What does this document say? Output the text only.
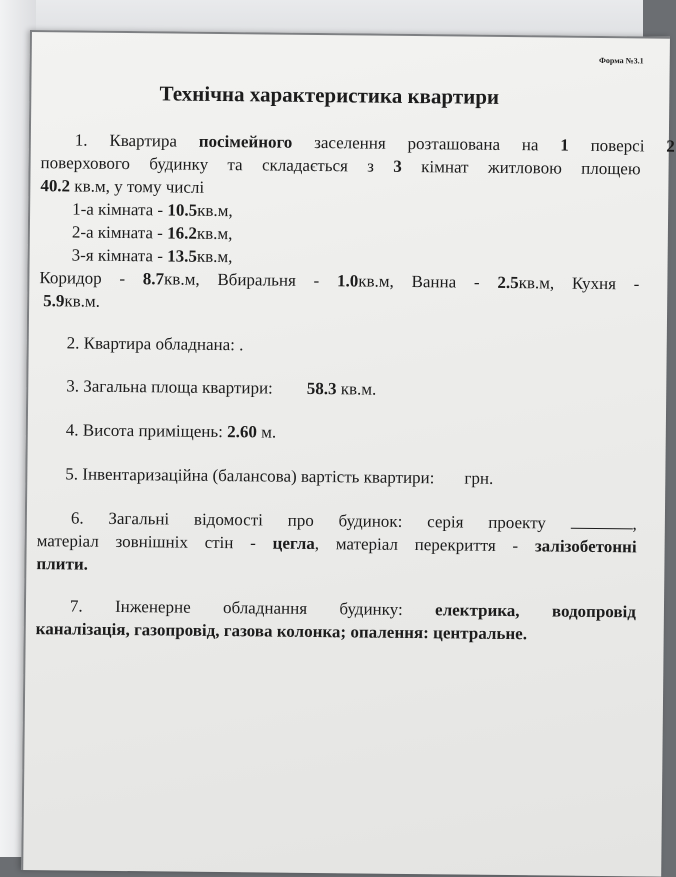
Форма №3.1
Технічна характеристика квартири

1. Квартира посімейного заселення розташована на 1 поверсі 2

поверхового будинку та складається з 3 кімнат житловою площею

40.2 кв.м, у тому числі

1-а кімната - 10.5кв.м,

2-а кімната - 16.2кв.м,

3-я кімната - 13.5кв.м,

Коридор - 8.7кв.м, Вбиральня - 1.0кв.м, Ванна - 2.5кв.м, Кухня -

5.9кв.м.

2. Квартира обладнана: .

3. Загальна площа квартири: 58.3 кв.м.

4. Висота приміщень: 2.60 м.

5. Інвентаризаційна (балансова) вартість квартири: грн.

6. Загальні відомості про будинок: серія проекту	,

матеріал зовнішніх стін - цегла, матеріал перекриття - залізобетонні

плити.

7. Інженерне обладнання будинку: електрика, водопровід

каналізація, газопровід, газова колонка; опалення: центральне.
